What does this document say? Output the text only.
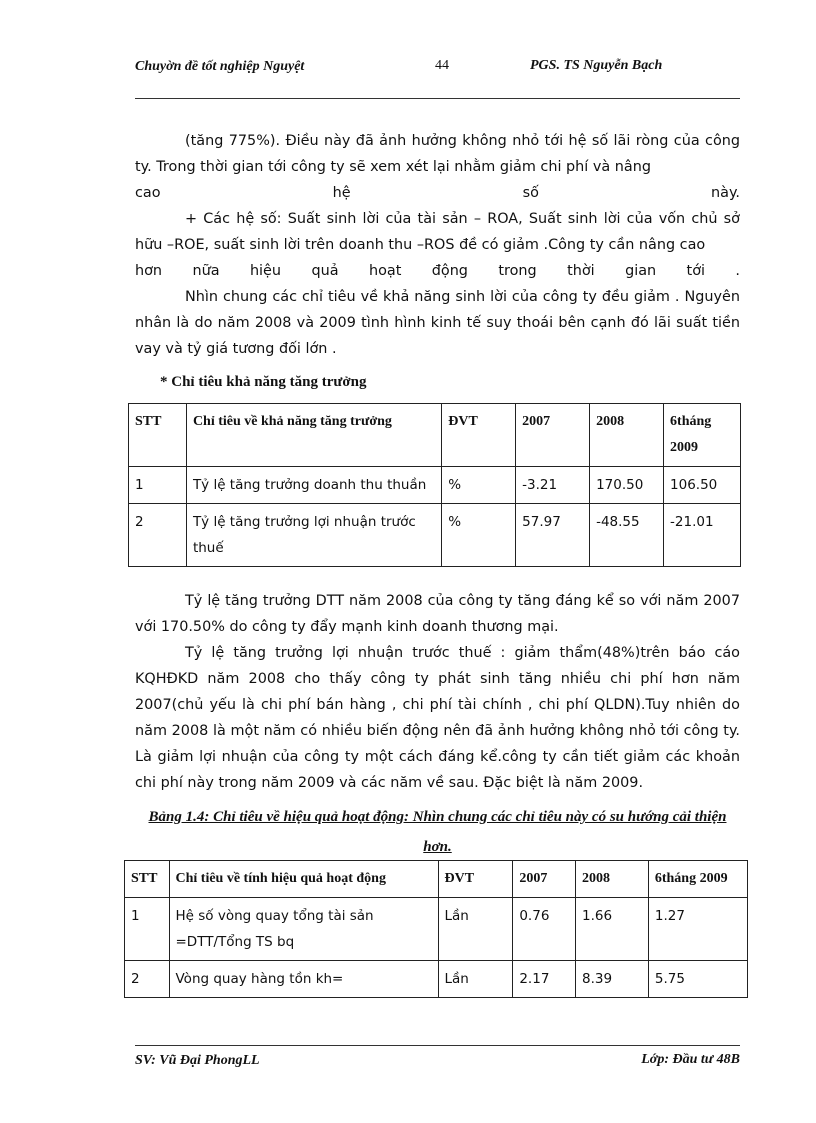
Chuyờn đề tốt nghiệp Nguyệt	44	PGS. TS Nguyễn Bạch

(tăng 775%). Điều này đã ảnh hưởng không nhỏ tới hệ số lãi ròng của công ty. Trong thời gian tới công ty sẽ xem xét lại nhằm giảm chi phí và nâng

cao hệ số này.

+ Các hệ số: Suất sinh lời của tài sản – ROA, Suất sinh lời của vốn chủ sở hữu –ROE, suất sinh lời trên doanh thu –ROS đề có giảm .Công ty cần nâng cao

hơn nữa hiệu quả hoạt động trong thời gian tới .

Nhìn chung các chỉ tiêu về khả năng sinh lời của công ty đều giảm . Nguyên nhân là do năm 2008 và 2009 tình hình kinh tế suy thoái bên cạnh đó lãi suất tiền vay và tỷ giá tương đối lớn .

* Chỉ tiêu khả năng tăng trưởng
STT	Chỉ tiêu về khả năng tăng trưởng	ĐVT	2007	2008	6tháng 2009
1	Tỷ lệ tăng trưởng doanh thu thuần	%	-3.21	170.50	106.50
2	Tỷ lệ tăng trưởng lợi nhuận trước thuế	%	57.97	-48.55	-21.01

Tỷ lệ tăng trưởng DTT năm 2008 của công ty tăng đáng kể so với năm 2007 với 170.50% do công ty đẩy mạnh kinh doanh thương mại.

Tỷ lệ tăng trưởng lợi nhuận trước thuế : giảm thẩm(48%)trên báo cáo KQHĐKD năm 2008 cho thấy công ty phát sinh tăng nhiều chi phí hơn năm 2007(chủ yếu là chi phí bán hàng , chi phí tài chính , chi phí QLDN).Tuy nhiên do năm 2008 là một năm có nhiều biến động nên đã ảnh hưởng không nhỏ tới công ty. Là giảm lợi nhuận của công ty một cách đáng kể.công ty cần tiết giảm các khoản chi phí này trong năm 2009 và các năm về sau. Đặc biệt là năm 2009.

Bảng 1.4: Chỉ tiêu về hiệu quả hoạt động: Nhìn chung các chỉ tiêu này có su hướng cải thiện hơn.
STT	Chỉ tiêu về tính hiệu quả hoạt động	ĐVT	2007	2008	6tháng 2009
1	Hệ số vòng quay tổng tài sản =DTT/Tổng TS bq	Lần	0.76	1.66	1.27
2	Vòng quay hàng tồn kh=	Lần	2.17	8.39	5.75
SV: Vũ Đại PhongLL	Lớp: Đầu tư 48B
